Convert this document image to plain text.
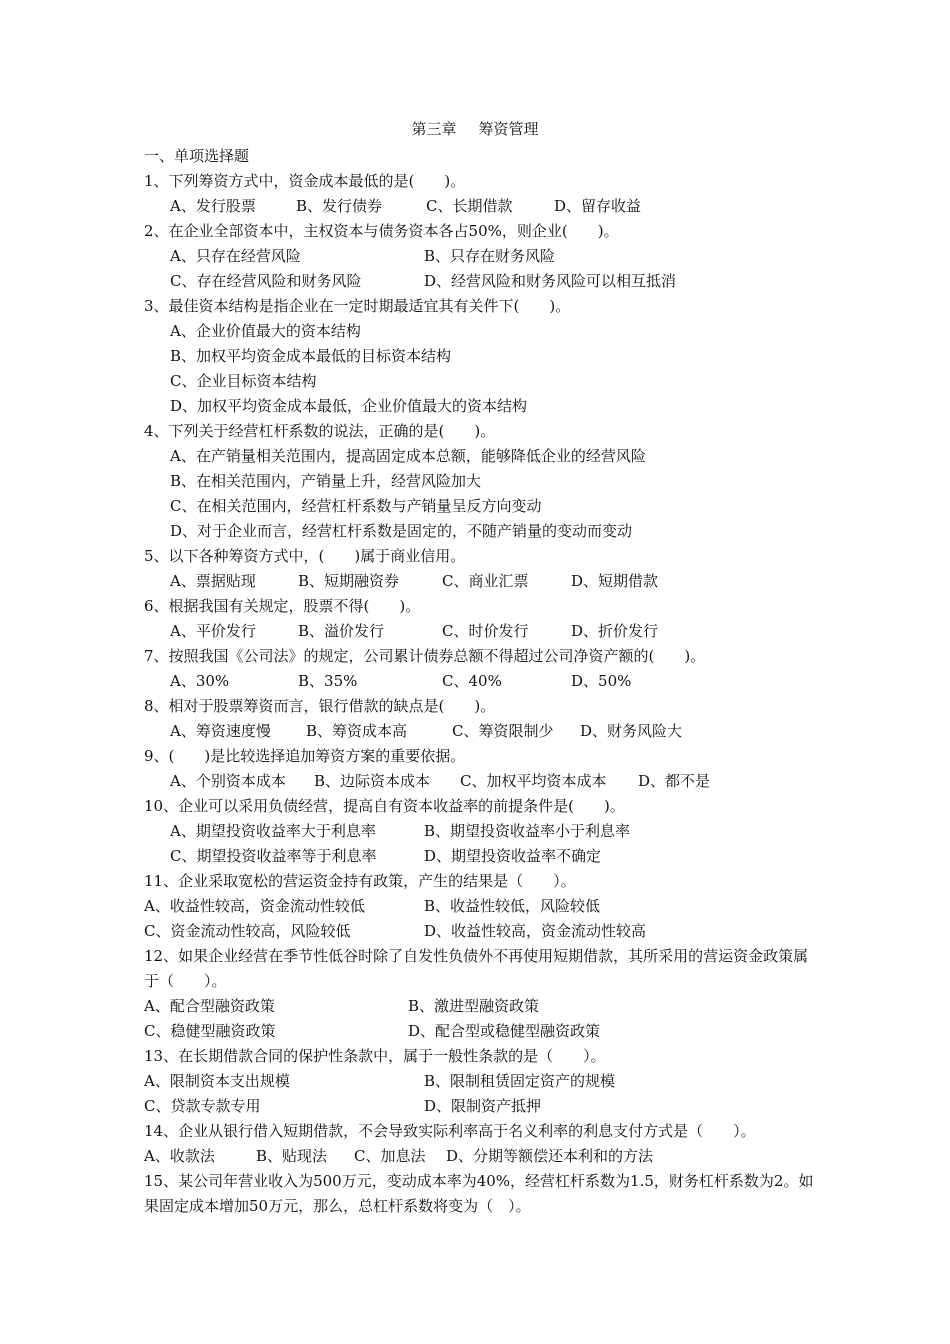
第三章 筹资管理
一、单项选择题
1、下列筹资方式中，资金成本最低的是(　　)。
A、发行股票	B、发行债券	C、长期借款	D、留存收益
2、在企业全部资本中，主权资本与债务资本各占50%，则企业(　　)。
A、只存在经营风险	B、只存在财务风险
C、存在经营风险和财务风险	D、经营风险和财务风险可以相互抵消
3、最佳资本结构是指企业在一定时期最适宜其有关件下(　　)。
A、企业价值最大的资本结构
B、加权平均资金成本最低的目标资本结构
C、企业目标资本结构
D、加权平均资金成本最低，企业价值最大的资本结构
4、下列关于经营杠杆系数的说法，正确的是(　　)。
A、在产销量相关范围内，提高固定成本总额，能够降低企业的经营风险
B、在相关范围内，产销量上升，经营风险加大
C、在相关范围内，经营杠杆系数与产销量呈反方向变动
D、对于企业而言，经营杠杆系数是固定的，不随产销量的变动而变动
5、以下各种筹资方式中，(　　)属于商业信用。
A、票据贴现	B、短期融资券	C、商业汇票	D、短期借款
6、根据我国有关规定，股票不得(　　)。
A、平价发行	B、溢价发行	C、时价发行	D、折价发行
7、按照我国《公司法》的规定，公司累计债券总额不得超过公司净资产额的(　　)。
A、30%	B、35%	C、40%	D、50%
8、相对于股票筹资而言，银行借款的缺点是(　　)。
A、筹资速度慢 B、筹资成本高	C、筹资限制少 D、财务风险大
9、(　　)是比较选择追加筹资方案的重要依据。
A、个别资本成本 B、边际资本成本 C、加权平均资本成本 D、都不是
10、企业可以采用负债经营，提高自有资本收益率的前提条件是(　　)。
A、期望投资收益率大于利息率	B、期望投资收益率小于利息率
C、期望投资收益率等于利息率	D、期望投资收益率不确定
11、企业采取宽松的营运资金持有政策，产生的结果是（　　）。
A、收益性较高，资金流动性较低	B、收益性较低，风险较低
C、资金流动性较高，风险较低	D、收益性较高，资金流动性较高
12、如果企业经营在季节性低谷时除了自发性负债外不再使用短期借款，其所采用的营运资金政策属于（　　）。
A、配合型融资政策	B、激进型融资政策
C、稳健型融资政策	D、配合型或稳健型融资政策
13、在长期借款合同的保护性条款中，属于一般性条款的是（　　）。
A、限制资本支出规模	B、限制租赁固定资产的规模
C、贷款专款专用	D、限制资产抵押
14、企业从银行借入短期借款，不会导致实际利率高于名义利率的利息支付方式是（　　）。
A、收款法	B、贴现法 C、加息法 D、分期等额偿还本利和的方法
15、某公司年营业收入为500万元，变动成本率为40%，经营杠杆系数为1.5，财务杠杆系数为2。如果固定成本增加50万元，那么，总杠杆系数将变为（　）。
